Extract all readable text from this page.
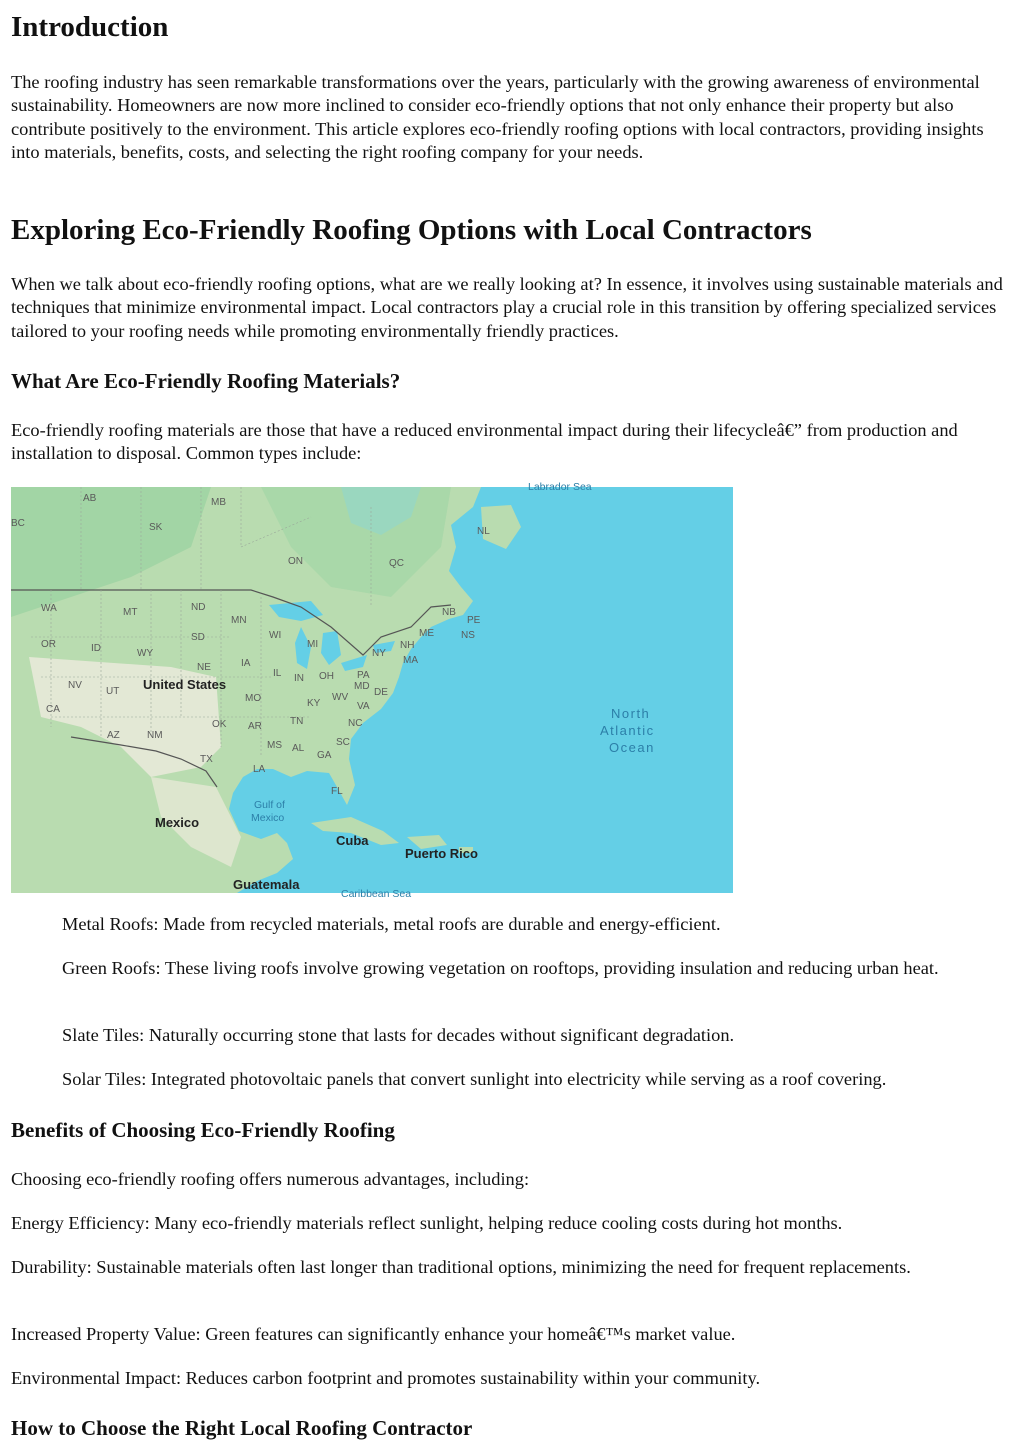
Introduction

The roofing industry has seen remarkable transformations over the years, particularly with the growing awareness of environmental sustainability. Homeowners are now more inclined to consider eco-friendly options that not only enhance their property but also contribute positively to the environment. This article explores eco-friendly roofing options with local contractors, providing insights into materials, benefits, costs, and selecting the right roofing company for your needs.

Exploring Eco-Friendly Roofing Options with Local Contractors

When we talk about eco-friendly roofing options, what are we really looking at? In essence, it involves using sustainable materials and techniques that minimize environmental impact. Local contractors play a crucial role in this transition by offering specialized services tailored to your roofing needs while promoting environmentally friendly practices.

What Are Eco-Friendly Roofing Materials?

Eco-friendly roofing materials are those that have a reduced environmental impact during their lifecycleâ€” from production and installation to disposal. Common types include:

AB
BC
MB
SK
ON	QC
NL
WA	MT	ND
MN
WI
MI
NY
ME
NB
PE
NS
OR	ID
SD
WY
NH
MA
NE	IA
IL IN OH PA
NV
UT	MD
DE
MO	KY
WV
VA
CA
OK AR	TN	NC
AZ	NM
MS AL
SC
GA
TX
LA
FL
United States
Mexico
Cuba
Puerto Rico
Guatemala
North
Atlantic
Ocean
Gulf of
Mexico
Labrador Sea
Caribbean Sea

Metal Roofs: Made from recycled materials, metal roofs are durable and energy-efficient.

Green Roofs: These living roofs involve growing vegetation on rooftops, providing insulation and reducing urban heat.

Slate Tiles: Naturally occurring stone that lasts for decades without significant degradation.

Solar Tiles: Integrated photovoltaic panels that convert sunlight into electricity while serving as a roof covering.

Benefits of Choosing Eco-Friendly Roofing

Choosing eco-friendly roofing offers numerous advantages, including:

Energy Efficiency: Many eco-friendly materials reflect sunlight, helping reduce cooling costs during hot months.

Durability: Sustainable materials often last longer than traditional options, minimizing the need for frequent replacements.

Increased Property Value: Green features can significantly enhance your homeâ€™s market value.

Environmental Impact: Reduces carbon footprint and promotes sustainability within your community.

How to Choose the Right Local Roofing Contractor
